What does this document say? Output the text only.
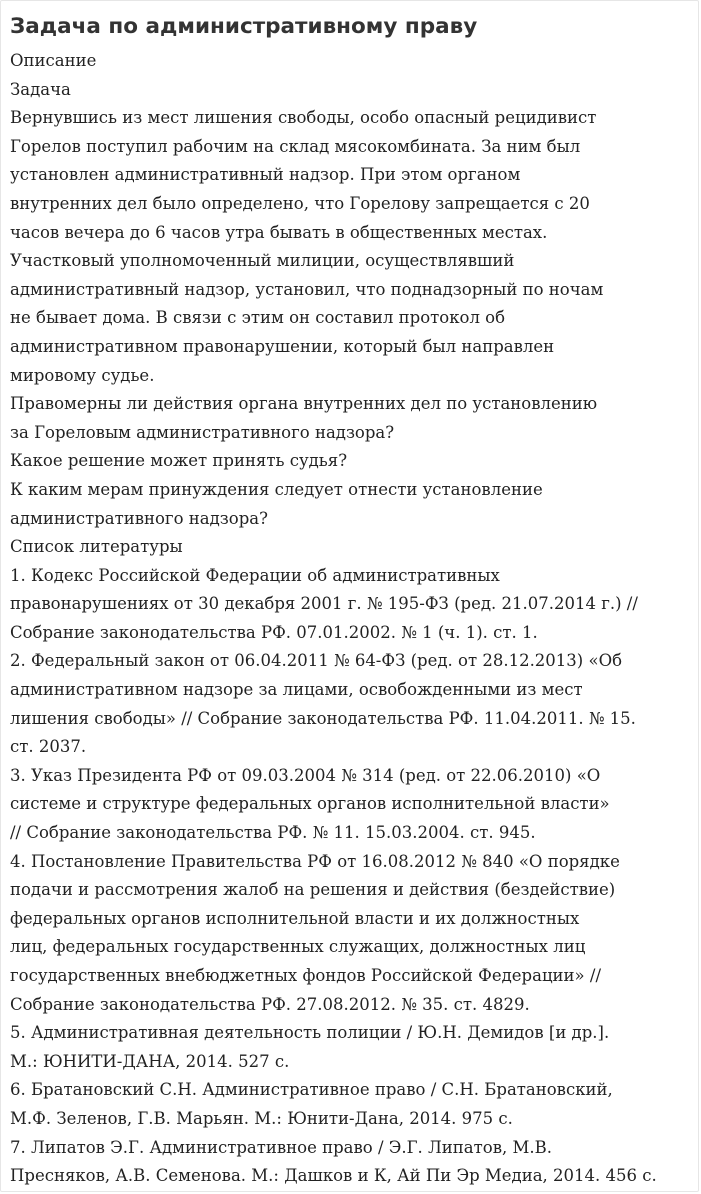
Задача по административному праву
Описание
Задача
Вернувшись из мест лишения свободы, особо опасный рецидивист
Горелов поступил рабочим на склад мясокомбината. За ним был
установлен административный надзор. При этом органом
внутренних дел было определено, что Горелову запрещается с 20
часов вечера до 6 часов утра бывать в общественных местах.
Участковый уполномоченный милиции, осуществлявший
административный надзор, установил, что поднадзорный по ночам
не бывает дома. В связи с этим он составил протокол об
административном правонарушении, который был направлен
мировому судье.
Правомерны ли действия органа внутренних дел по установлению
за Гореловым административного надзора?
Какое решение может принять судья?
К каким мерам принуждения следует отнести установление
административного надзора?
Список литературы
1. Кодекс Российской Федерации об административных
правонарушениях от 30 декабря 2001 г. № 195-ФЗ (ред. 21.07.2014 г.) //
Собрание законодательства РФ. 07.01.2002. № 1 (ч. 1). ст. 1.
2. Федеральный закон от 06.04.2011 № 64-ФЗ (ред. от 28.12.2013) «Об
административном надзоре за лицами, освобожденными из мест
лишения свободы» // Собрание законодательства РФ. 11.04.2011. № 15.
ст. 2037.
3. Указ Президента РФ от 09.03.2004 № 314 (ред. от 22.06.2010) «О
системе и структуре федеральных органов исполнительной власти»
// Собрание законодательства РФ. № 11. 15.03.2004. ст. 945.
4. Постановление Правительства РФ от 16.08.2012 № 840 «О порядке
подачи и рассмотрения жалоб на решения и действия (бездействие)
федеральных органов исполнительной власти и их должностных
лиц, федеральных государственных служащих, должностных лиц
государственных внебюджетных фондов Российской Федерации» //
Собрание законодательства РФ. 27.08.2012. № 35. ст. 4829.
5. Административная деятельность полиции / Ю.Н. Демидов [и др.].
М.: ЮНИТИ-ДАНА, 2014. 527 с.
6. Братановский С.Н. Административное право / С.Н. Братановский,
М.Ф. Зеленов, Г.В. Марьян. М.: Юнити-Дана, 2014. 975 с.
7. Липатов Э.Г. Административное право / Э.Г. Липатов, М.В.
Пресняков, А.В. Семенова. М.: Дашков и К, Ай Пи Эр Медиа, 2014. 456 с.
